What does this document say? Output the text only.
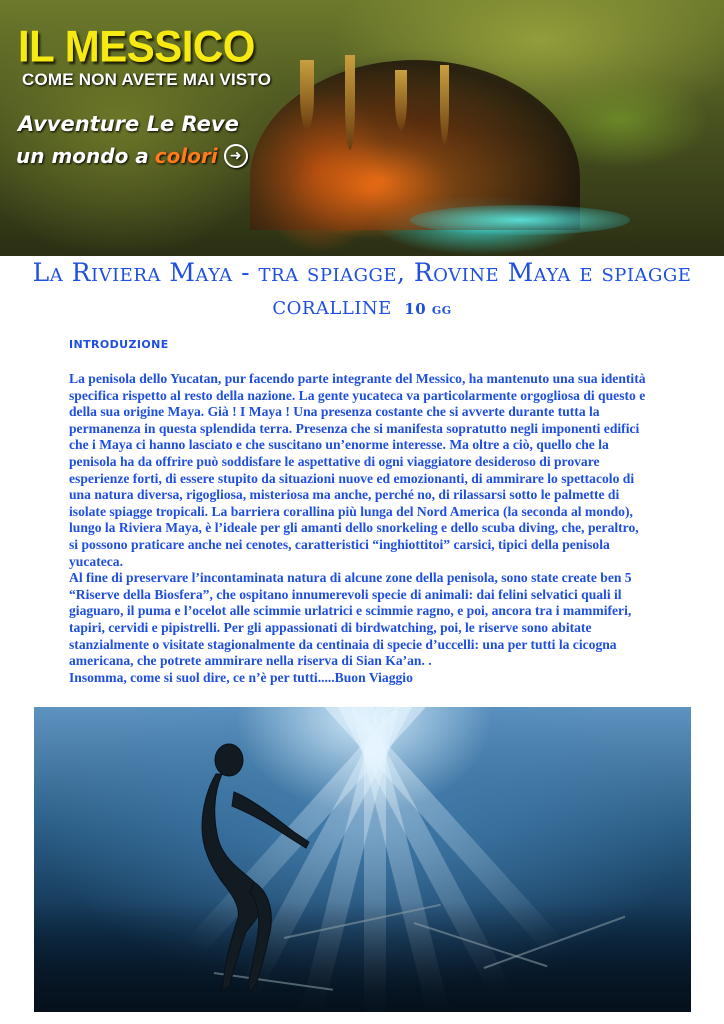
IL MESSICO
COME NON AVETE MAI VISTO
Avventure Le Reve
un mondo a colori ➜
La Riviera Maya - tra spiagge, Rovine Maya e spiagge coralline 10 gg
INTRODUZIONE

La penisola dello Yucatan, pur facendo parte integrante del Messico, ha mantenuto una sua identità specifica rispetto al resto della nazione. La gente yucateca va particolarmente orgogliosa di questo e della sua origine Maya. Già ! I Maya ! Una presenza costante che si avverte durante tutta la permanenza in questa splendida terra. Presenza che si manifesta sopratutto negli imponenti edifici che i Maya ci hanno lasciato e che suscitano un’enorme interesse. Ma oltre a ciò, quello che la penisola ha da offrire può soddisfare le aspettative di ogni viaggiatore desideroso di provare esperienze forti, di essere stupito da situazioni nuove ed emozionanti, di ammirare lo spettacolo di una natura diversa, rigogliosa, misteriosa ma anche, perché no, di rilassarsi sotto le palmette di isolate spiagge tropicali. La barriera corallina più lunga del Nord America (la seconda al mondo), lungo la Riviera Maya, è l’ideale per gli amanti dello snorkeling e dello scuba diving, che, peraltro, si possono praticare anche nei cenotes, caratteristici “inghiottitoi” carsici, tipici della penisola yucateca.

Al fine di preservare l’incontaminata natura di alcune zone della penisola, sono state create ben 5 “Riserve della Biosfera”, che ospitano innumerevoli specie di animali: dai felini selvatici quali il giaguaro, il puma e l’ocelot alle scimmie urlatrici e scimmie ragno, e poi, ancora tra i mammiferi, tapiri, cervidi e pipistrelli. Per gli appassionati di birdwatching, poi, le riserve sono abitate stanzialmente o visitate stagionalmente da centinaia di specie d’uccelli: una per tutti la cicogna americana, che potrete ammirare nella riserva di Sian Ka’an. .

Insomma, come si suol dire, ce n’è per tutti.....Buon Viaggio
